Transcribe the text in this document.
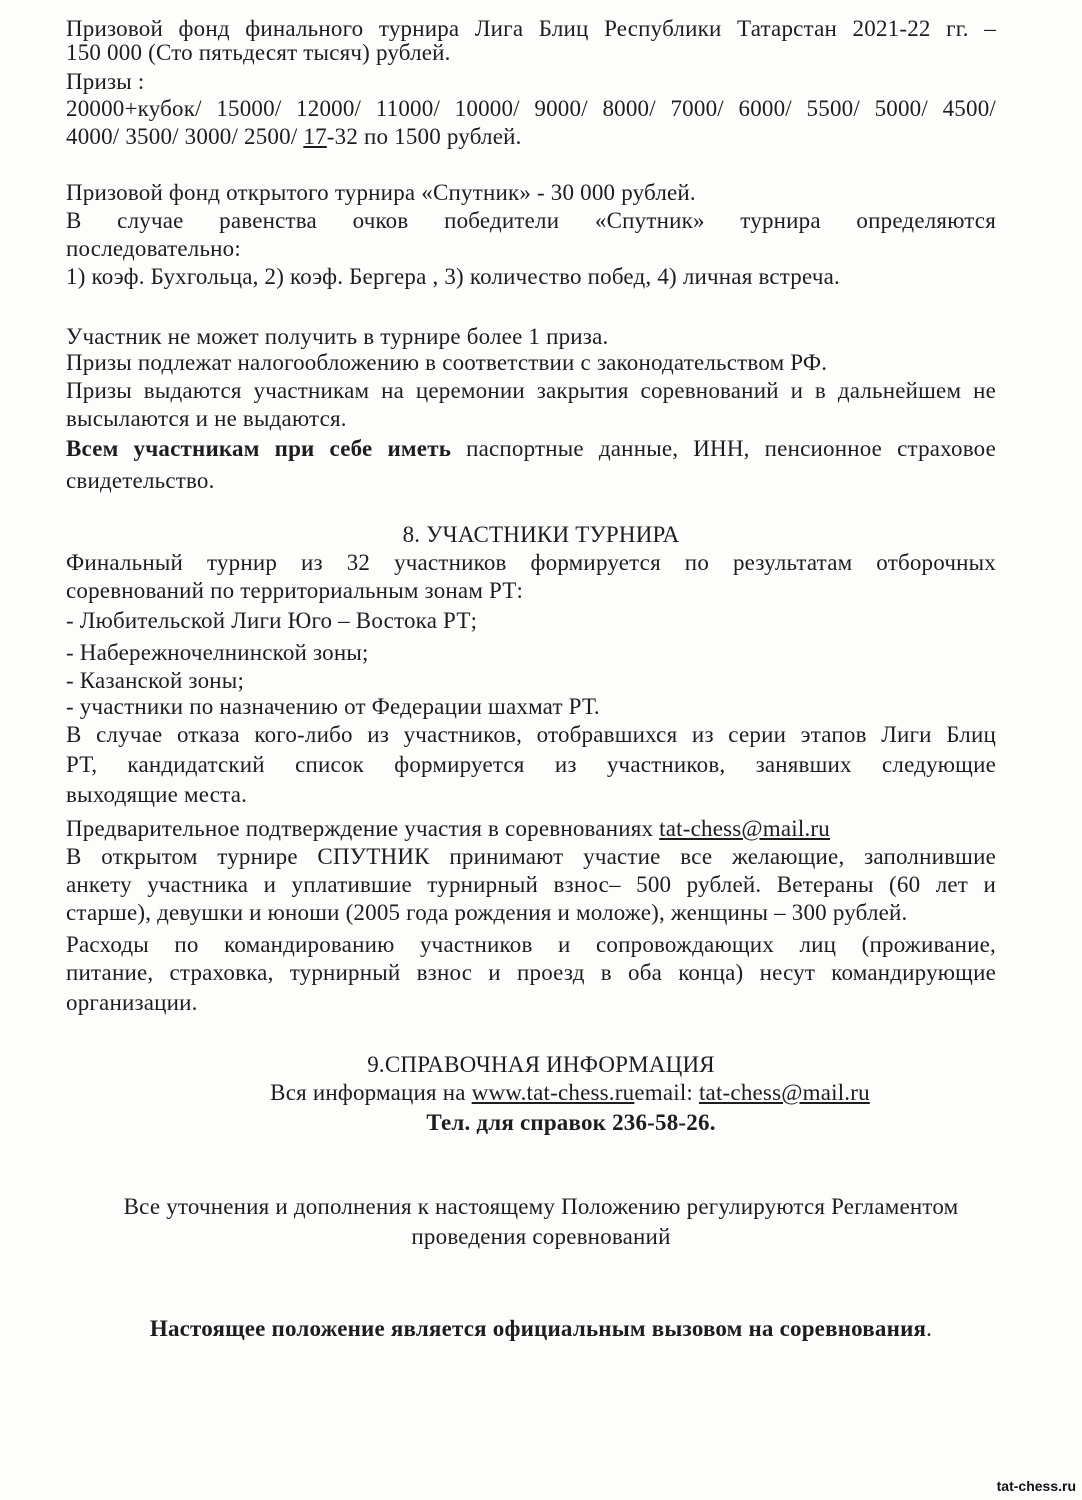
Призовой фонд финального турнира Лига Блиц Республики Татарстан 2021-22 гг. –
150 000 (Сто пятьдесят тысяч) рублей.
Призы :
20000+кубок/ 15000/ 12000/ 11000/ 10000/ 9000/ 8000/ 7000/ 6000/ 5500/ 5000/ 4500/
4000/ 3500/ 3000/ 2500/ 17-32 по 1500 рублей.
Призовой фонд открытого турнира «Спутник» - 30 000 рублей.
В случае равенства очков победители «Спутник» турнира определяются
последовательно:
1) коэф. Бухгольца, 2) коэф. Бергера , 3) количество побед, 4) личная встреча.
Участник не может получить в турнире более 1 приза.
Призы подлежат налогообложению в соответствии с законодательством РФ.
Призы выдаются участникам на церемонии закрытия соревнований и в дальнейшем не
высылаются и не выдаются.
Всем участникам при себе иметь паспортные данные, ИНН, пенсионное страховое
свидетельство.
8. УЧАСТНИКИ ТУРНИРА
Финальный турнир из 32 участников формируется по результатам отборочных
соревнований по территориальным зонам РТ:
- Любительской Лиги Юго – Востока РТ;
- Набережночелнинской зоны;
- Казанской зоны;
- участники по назначению от Федерации шахмат РТ.
В случае отказа кого-либо из участников, отобравшихся из серии этапов Лиги Блиц
РТ, кандидатский список формируется из участников, занявших следующие
выходящие места.
Предварительное подтверждение участия в соревнованиях tat-chess@mail.ru
В открытом турнире СПУТНИК принимают участие все желающие, заполнившие
анкету участника и уплатившие турнирный взнос– 500 рублей. Ветераны (60 лет и
старше), девушки и юноши (2005 года рождения и моложе), женщины – 300 рублей.
Расходы по командированию участников и сопровождающих лиц (проживание,
питание, страховка, турнирный взнос и проезд в оба конца) несут командирующие
организации.
9.СПРАВОЧНАЯ ИНФОРМАЦИЯ
Вся информация на www.tat-chess.ruemail: tat-chess@mail.ru
Тел. для справок 236-58-26.
Все уточнения и дополнения к настоящему Положению регулируются Регламентом
проведения соревнований
Настоящее положение является официальным вызовом на соревнования.
tat-chess.ru
